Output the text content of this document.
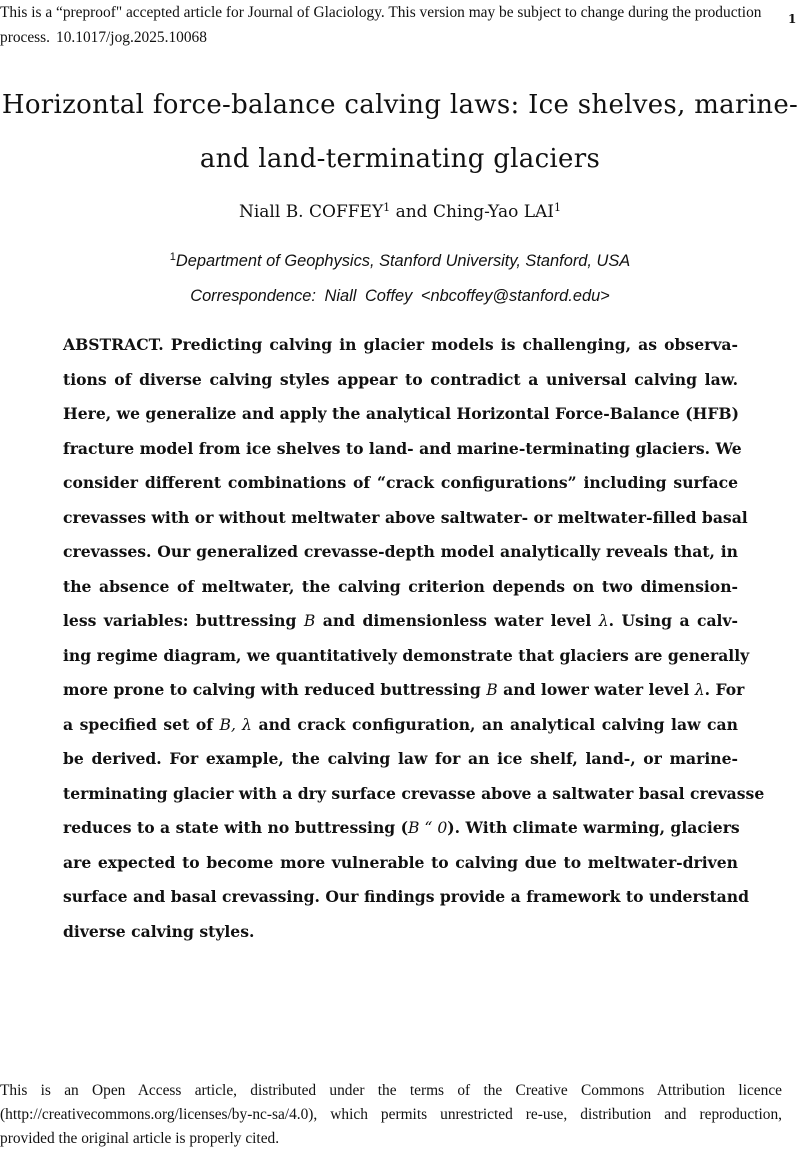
This is a “preproof" accepted article for Journal of Glaciology. This version may be subject to change during the production
process. 10.1017/jog.2025.10068
1
Horizontal force-balance calving laws: Ice shelves, marine-
and land-terminating glaciers
Niall B. COFFEY$^1$ and Ching-Yao LAI$^1$
$^1$Department of Geophysics, Stanford University, Stanford, USA
Correspondence: Niall Coffey <nbcoffey@stanford.edu>
ABSTRACT. Predicting calving in glacier models is challenging, as observa-
tions of diverse calving styles appear to contradict a universal calving law.
Here, we generalize and apply the analytical Horizontal Force-Balance (HFB)
fracture model from ice shelves to land- and marine-terminating glaciers. We
consider different combinations of “crack configurations” including surface
crevasses with or without meltwater above saltwater- or meltwater-filled basal
crevasses. Our generalized crevasse-depth model analytically reveals that, in
the absence of meltwater, the calving criterion depends on two dimension-
less variables: buttressing B and dimensionless water level λ. Using a calv-
ing regime diagram, we quantitatively demonstrate that glaciers are generally
more prone to calving with reduced buttressing B and lower water level λ. For
a specified set of B, λ and crack configuration, an analytical calving law can
be derived. For example, the calving law for an ice shelf, land-, or marine-
terminating glacier with a dry surface crevasse above a saltwater basal crevasse
reduces to a state with no buttressing (B “ 0). With climate warming, glaciers
are expected to become more vulnerable to calving due to meltwater-driven
surface and basal crevassing. Our findings provide a framework to understand
diverse calving styles.
This is an Open Access article, distributed under the terms of the Creative Commons Attribution licence
(http://creativecommons.org/licenses/by-nc-sa/4.0), which permits unrestricted re-use, distribution and reproduction,
provided the original article is properly cited.
